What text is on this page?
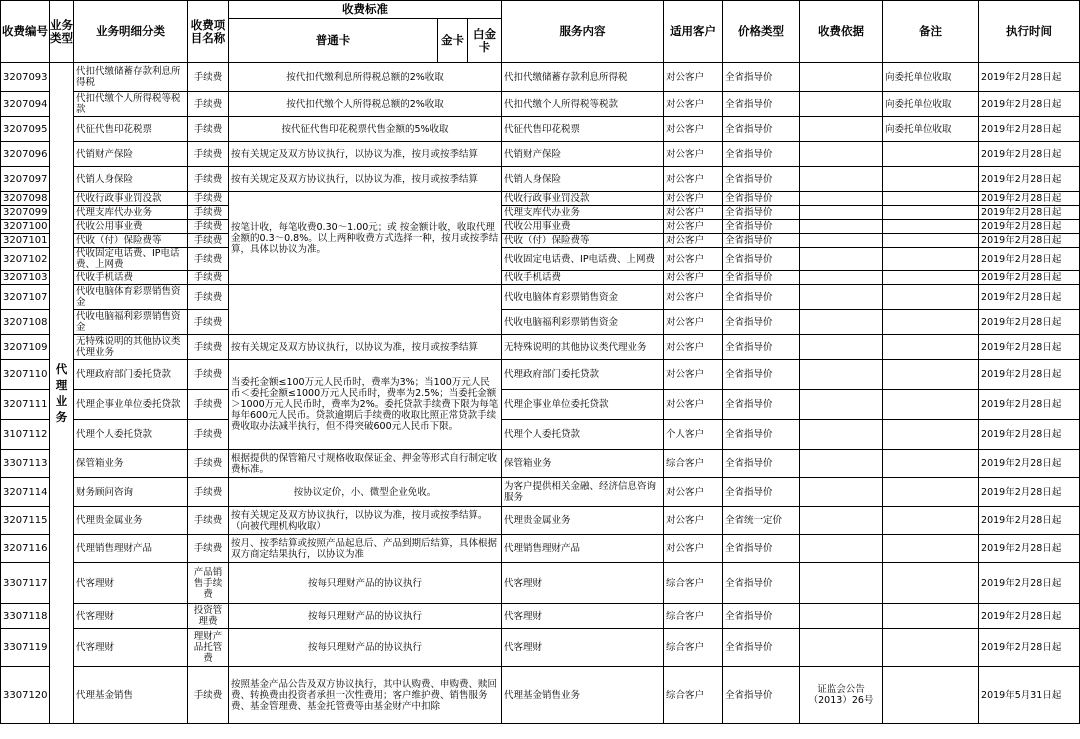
收费编号	业务类型	业务明细分类	收费项目名称	收费标准			服务内容	适用客户	价格类型	收费依据	备注	执行时间
				普通卡	金卡	白金卡						
3207093	代理业务	代扣代缴储蓄存款利息所得税	手续费	按代扣代缴利息所得税总额的2%收取			代扣代缴储蓄存款利息所得税	对公客户	全省指导价		向委托单位收取	2019年2月28日起
3207094		代扣代缴个人所得税等税款	手续费	按代扣代缴个人所得税总额的2%收取			代扣代缴个人所得税等税款	对公客户	全省指导价		向委托单位收取	2019年2月28日起
3207095		代征代售印花税票	手续费	按代征代售印花税票代售金额的5%收取			代征代售印花税票	对公客户	全省指导价		向委托单位收取	2019年2月28日起
3207096		代销财产保险	手续费	按有关规定及双方协议执行，以协议为准，按月或按季结算			代销财产保险	对公客户	全省指导价			2019年2月28日起
3207097		代销人身保险	手续费	按有关规定及双方协议执行，以协议为准，按月或按季结算			代销人身保险	对公客户	全省指导价			2019年2月28日起
3207098		代收行政事业罚没款	手续费	按笔计收，每笔收费0.30～1.00元；或 按金额计收，收取代理金额的0.3～0.8%。以上两种收费方式选择一种，按月或按季结算，具体以协议为准。			代收行政事业罚没款	对公客户	全省指导价			2019年2月28日起
3207099		代理支库代办业务	手续费				代理支库代办业务	对公客户	全省指导价			2019年2月28日起
3207100		代收公用事业费	手续费				代收公用事业费	对公客户	全省指导价			2019年2月28日起
3207101		代收（付）保险费等	手续费				代收（付）保险费等	对公客户	全省指导价			2019年2月28日起
3207102		代收固定电话费、IP电话费、上网费	手续费				代收固定电话费、IP电话费、上网费	对公客户	全省指导价			2019年2月28日起
3207103		代收手机话费	手续费				代收手机话费	对公客户	全省指导价			2019年2月28日起
3207107		代收电脑体育彩票销售资金	手续费				代收电脑体育彩票销售资金	对公客户	全省指导价			2019年2月28日起
3207108		代收电脑福利彩票销售资金	手续费				代收电脑福利彩票销售资金	对公客户	全省指导价			2019年2月28日起
3207109		无特殊说明的其他协议类代理业务	手续费	按有关规定及双方协议执行，以协议为准，按月或按季结算			无特殊说明的其他协议类代理业务	对公客户	全省指导价			2019年2月28日起
3207110		代理政府部门委托贷款	手续费	当委托金额≤100万元人民币时，费率为3%；当100万元人民币＜委托金额≤1000万元人民币时，费率为2.5%；当委托金额＞1000万元人民币时，费率为2%。委托贷款手续费下限为每笔每年600元人民币。贷款逾期后手续费的收取比照正常贷款手续费收取办法减半执行，但不得突破600元人民币下限。			代理政府部门委托贷款	对公客户	全省指导价			2019年2月28日起
3207111		代理企事业单位委托贷款	手续费				代理企事业单位委托贷款	对公客户	全省指导价			2019年2月28日起
3107112		代理个人委托贷款	手续费				代理个人委托贷款	个人客户	全省指导价			2019年2月28日起
3307113		保管箱业务	手续费	根据提供的保管箱尺寸规格收取保证金、押金等形式自行制定收费标准。			保管箱业务	综合客户	全省指导价			2019年2月28日起
3207114		财务顾问咨询	手续费	按协议定价，小、微型企业免收。			为客户提供相关金融、经济信息咨询服务	对公客户	全省指导价			2019年2月28日起
3207115		代理贵金属业务	手续费	按有关规定及双方协议执行，以协议为准，按月或按季结算。（向被代理机构收取）			代理贵金属业务	对公客户	全省统一定价			2019年2月28日起
3207116		代理销售理财产品	手续费	按月、按季结算或按照产品起息后、产品到期后结算，具体根据双方商定结果执行，以协议为准			代理销售理财产品	对公客户	全省指导价			2019年2月28日起
3307117		代客理财	产品销售手续费	按每只理财产品的协议执行			代客理财	综合客户	全省指导价			2019年2月28日起
3307118		代客理财	投资管理费	按每只理财产品的协议执行			代客理财	综合客户	全省指导价			2019年2月28日起
3307119		代客理财	理财产品托管费	按每只理财产品的协议执行			代客理财	综合客户	全省指导价			2019年2月28日起
3307120		代理基金销售	手续费	按照基金产品公告及双方协议执行，其中认购费、申购费、赎回费、转换费由投资者承担一次性费用；客户维护费、销售服务费、基金管理费、基金托管费等由基金财产中扣除			代理基金销售业务	综合客户	全省指导价	证监会公告（2013）26号		2019年5月31日起
